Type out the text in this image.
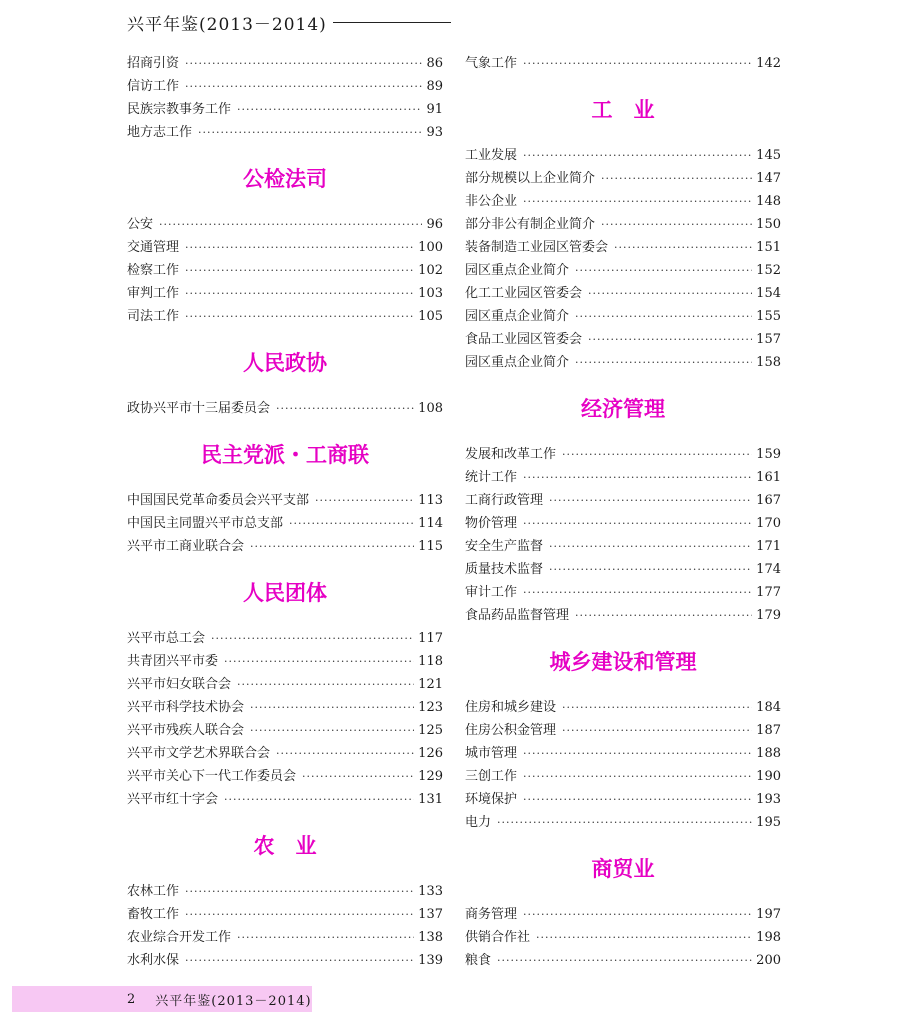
兴平年鉴(2013－2014)
招商引资 ·····	86
信访工作 ·····	89
民族宗教事务工作 ·····	91
地方志工作 ·····	93
公检法司
公安 ·····	96
交通管理 ·····	100
检察工作 ·····	102
审判工作 ·····	103
司法工作 ·····	105
人民政协
政协兴平市十三届委员会 ·····	108
民主党派・工商联
中国国民党革命委员会兴平支部 ·····	113
中国民主同盟兴平市总支部 ·····	114
兴平市工商业联合会 ·····	115
人民团体
兴平市总工会 ·····	117
共青团兴平市委 ·····	118
兴平市妇女联合会 ·····	121
兴平市科学技术协会 ·····	123
兴平市残疾人联合会 ·····	125
兴平市文学艺术界联合会 ·····	126
兴平市关心下一代工作委员会 ·····	129
兴平市红十字会 ·····	131
农　业
农林工作 ·····	133
畜牧工作 ·····	137
农业综合开发工作 ·····	138
水利水保 ·····	139
气象工作 ·····	142
工　业
工业发展 ·····	145
部分规模以上企业简介 ·····	147
非公企业 ·····	148
部分非公有制企业简介 ·····	150
装备制造工业园区管委会 ·····	151
园区重点企业简介 ·····	152
化工工业园区管委会 ·····	154
园区重点企业简介 ·····	155
食品工业园区管委会 ·····	157
园区重点企业简介 ·····	158
经济管理
发展和改革工作 ·····	159
统计工作 ·····	161
工商行政管理 ·····	167
物价管理 ·····	170
安全生产监督 ·····	171
质量技术监督 ·····	174
审计工作 ·····	177
食品药品监督管理 ·····	179
城乡建设和管理
住房和城乡建设 ·····	184
住房公积金管理 ·····	187
城市管理 ·····	188
三创工作 ·····	190
环境保护 ·····	193
电力 ·····	195
商贸业
商务管理 ·····	197
供销合作社 ·····	198
粮食 ·····	200
2 兴平年鉴(2013－2014)
